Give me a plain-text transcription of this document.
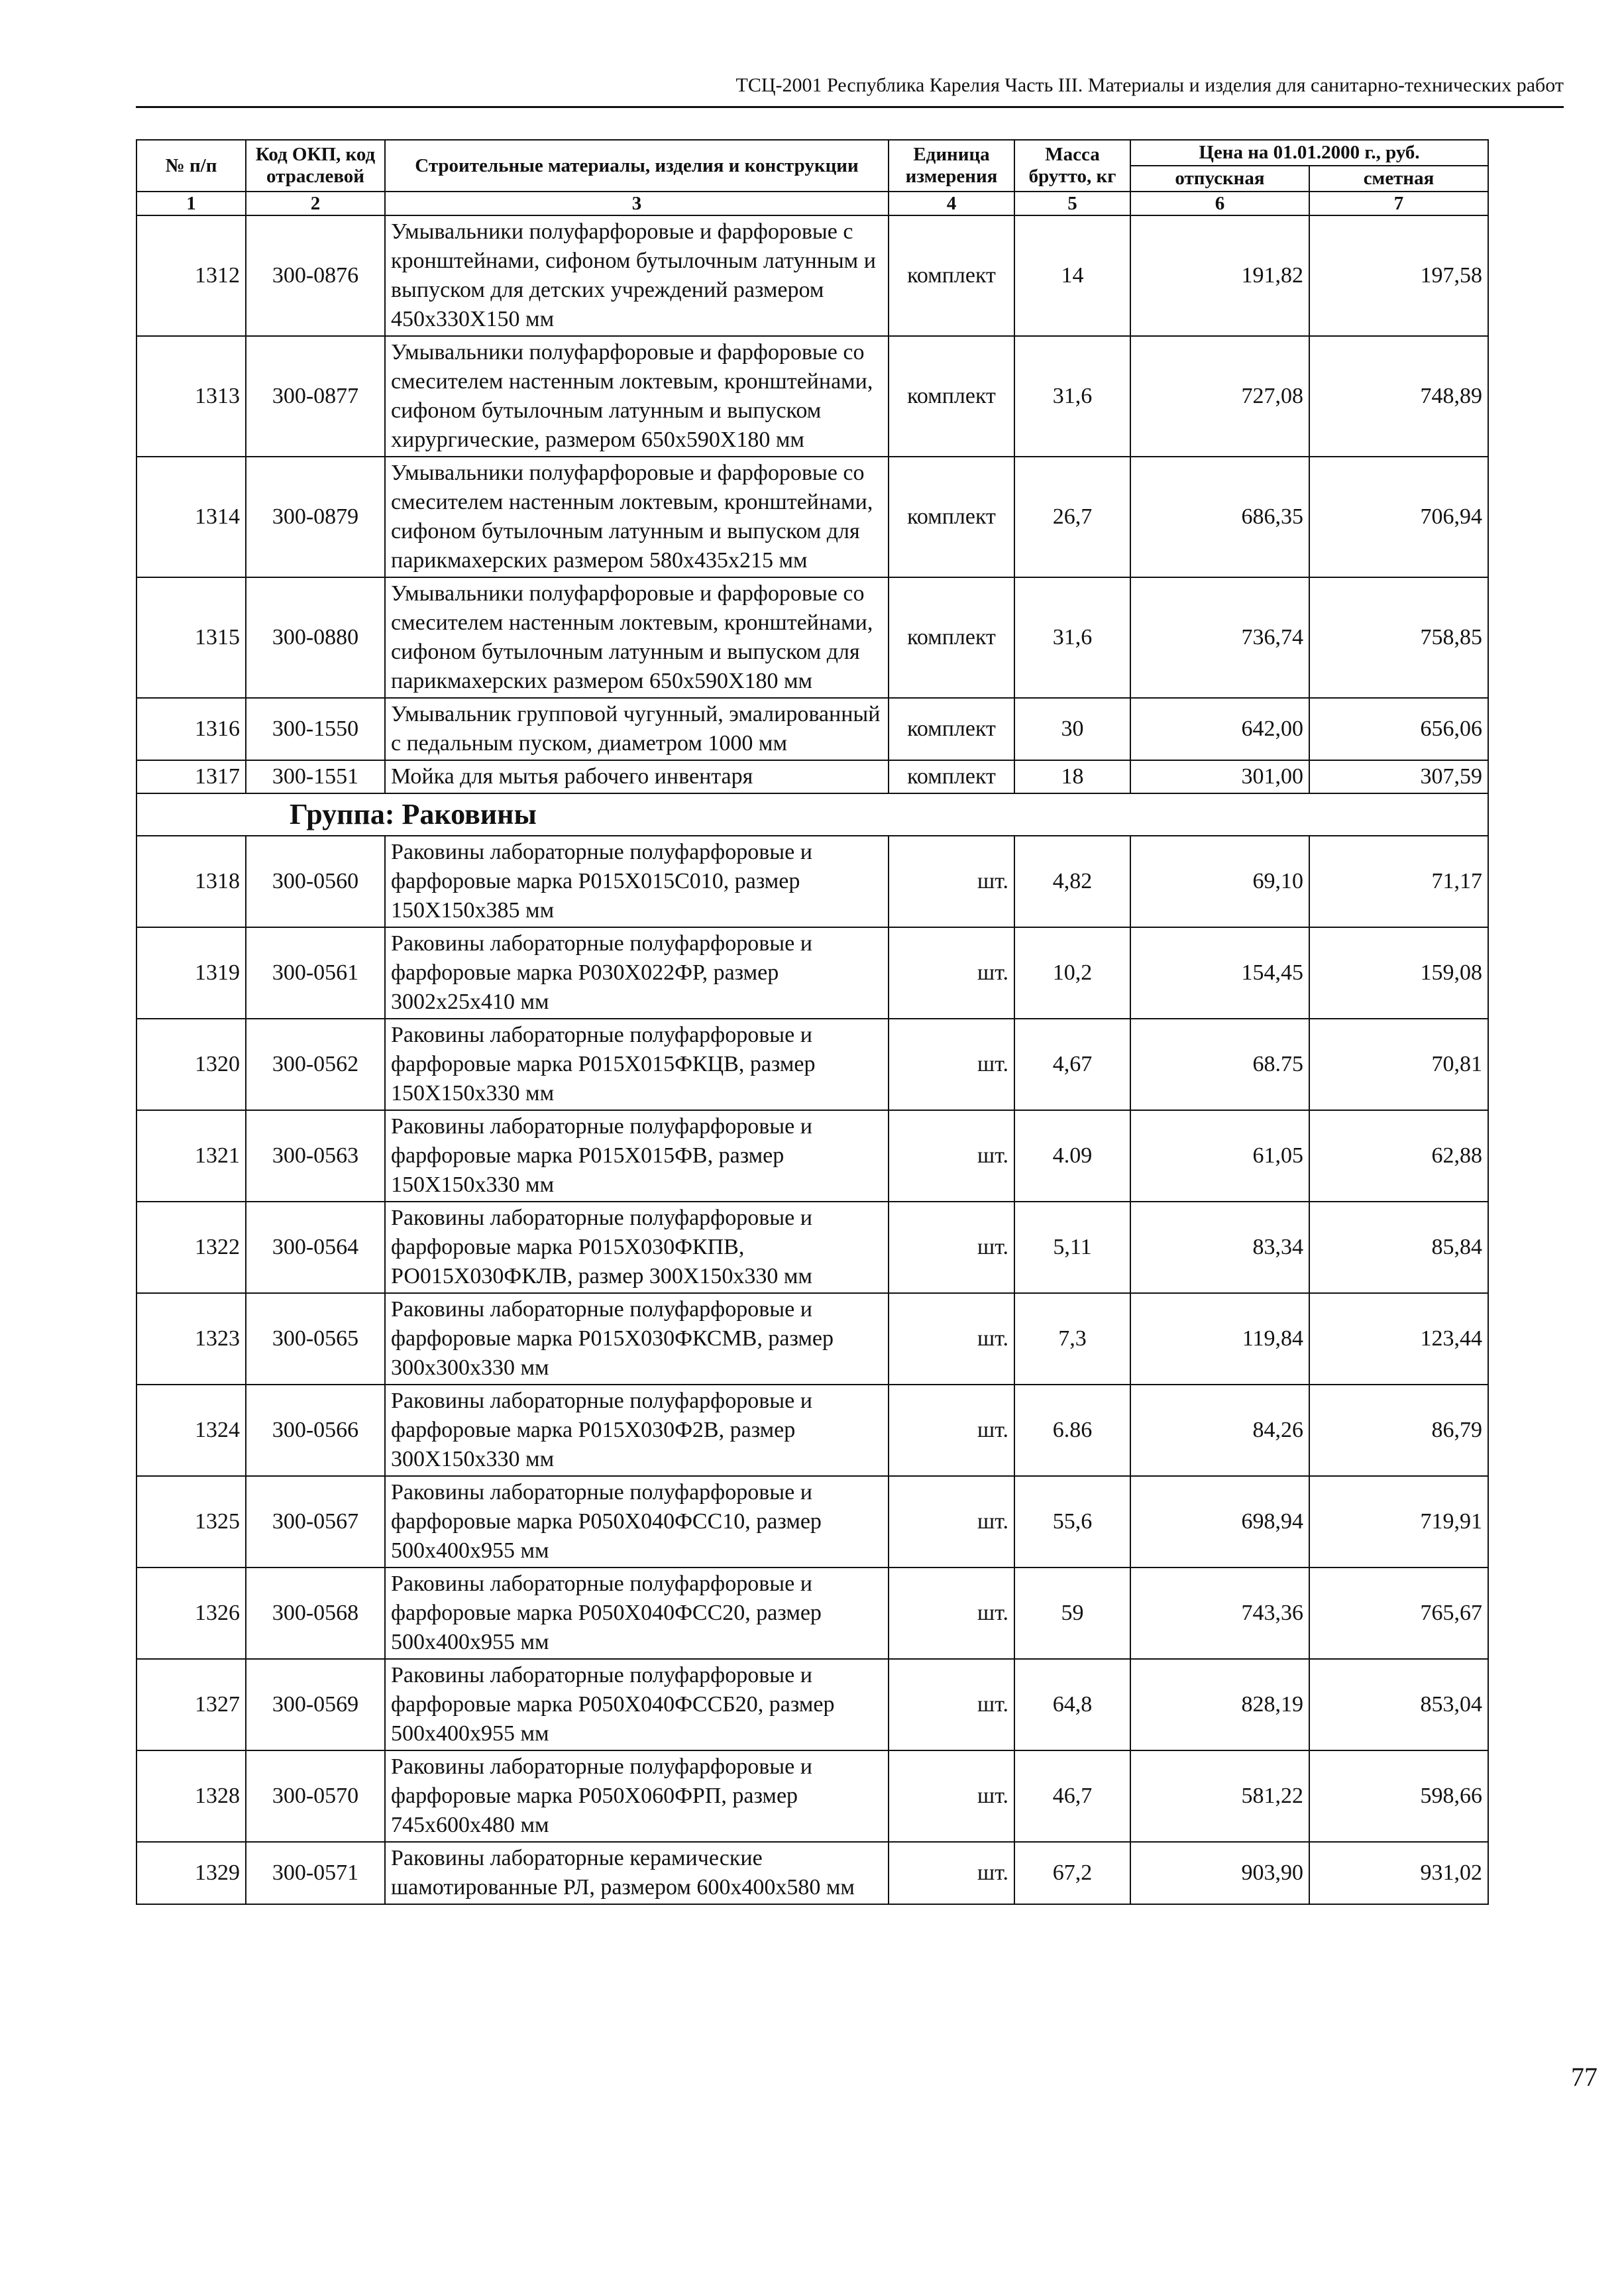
ТСЦ-2001 Республика Карелия Часть III. Материалы и изделия для санитарно-технических работ
№ п/п	Код ОКП, код отраслевой	Строительные материалы, изделия и конструкции	Единица измерения	Масса брутто, кг	Цена на 01.01.2000 г., руб.	
					отпускная	сметная
1	2	3	4	5	6	7
1312	300-0876	Умывальники полуфарфоровые и фарфоровые с кронштейнами, сифоном бутылочным латунным и выпуском для детских учреждений размером 450х330Х150 мм	комплект	14	191,82	197,58
1313	300-0877	Умывальники полуфарфоровые и фарфоровые со смесителем настенным локтевым, кронштейнами, сифоном бутылочным латунным и выпуском хирургические, размером 650х590Х180 мм	комплект	31,6	727,08	748,89
1314	300-0879	Умывальники полуфарфоровые и фарфоровые со смесителем настенным локтевым, кронштейнами, сифоном бутылочным латунным и выпуском для парикмахерских размером 580х435х215 мм	комплект	26,7	686,35	706,94
1315	300-0880	Умывальники полуфарфоровые и фарфоровые со смесителем настенным локтевым, кронштейнами, сифоном бутылочным латунным и выпуском для парикмахерских размером 650х590Х180 мм	комплект	31,6	736,74	758,85
1316	300-1550	Умывальник групповой чугунный, эмалированный с педальным пуском, диаметром 1000 мм	комплект	30	642,00	656,06
1317	300-1551	Мойка для мытья рабочего инвентаря	комплект	18	301,00	307,59
Группа: Раковины						
1318	300-0560	Раковины лабораторные полуфарфоровые и фарфоровые марка Р015Х015С010, размер 150Х150х385 мм	шт.	4,82	69,10	71,17
1319	300-0561	Раковины лабораторные полуфарфоровые и фарфоровые марка Р030Х022ФР, размер 3002х25х410 мм	шт.	10,2	154,45	159,08
1320	300-0562	Раковины лабораторные полуфарфоровые и фарфоровые марка Р015Х015ФКЦВ, размер 150Х150х330 мм	шт.	4,67	68.75	70,81
1321	300-0563	Раковины лабораторные полуфарфоровые и фарфоровые марка Р015Х015ФВ, размер 150Х150х330 мм	шт.	4.09	61,05	62,88
1322	300-0564	Раковины лабораторные полуфарфоровые и фарфоровые марка Р015Х030ФКПВ, РО015Х030ФКЛВ, размер 300Х150х330 мм	шт.	5,11	83,34	85,84
1323	300-0565	Раковины лабораторные полуфарфоровые и фарфоровые марка Р015Х030ФКСМВ, размер 300х300х330 мм	шт.	7,3	119,84	123,44
1324	300-0566	Раковины лабораторные полуфарфоровые и фарфоровые марка Р015Х030Ф2В, размер 300Х150х330 мм	шт.	6.86	84,26	86,79
1325	300-0567	Раковины лабораторные полуфарфоровые и фарфоровые марка Р050Х040ФСС10, размер 500х400х955 мм	шт.	55,6	698,94	719,91
1326	300-0568	Раковины лабораторные полуфарфоровые и фарфоровые марка Р050Х040ФСС20, размер 500х400х955 мм	шт.	59	743,36	765,67
1327	300-0569	Раковины лабораторные полуфарфоровые и фарфоровые марка Р050Х040ФССБ20, размер 500х400х955 мм	шт.	64,8	828,19	853,04
1328	300-0570	Раковины лабораторные полуфарфоровые и фарфоровые марка Р050Х060ФРП, размер 745х600х480 мм	шт.	46,7	581,22	598,66
1329	300-0571	Раковины лабораторные керамические шамотированные РЛ, размером 600х400х580 мм	шт.	67,2	903,90	931,02
77
